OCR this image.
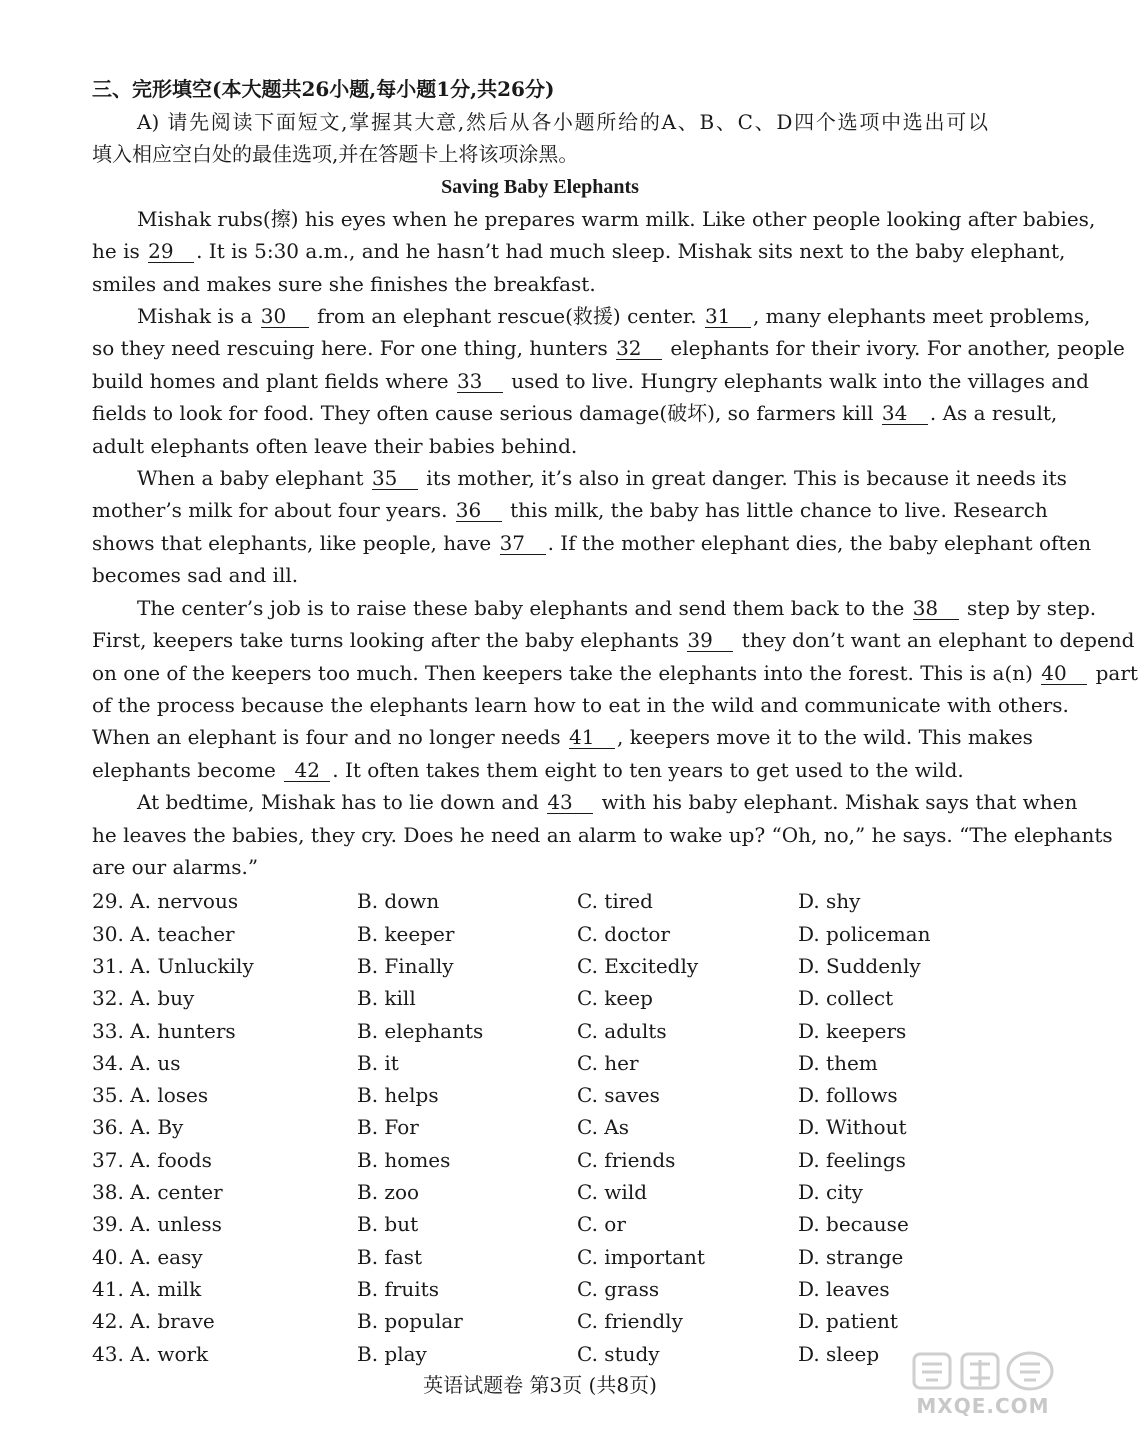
三、完形填空(本大题共26小题,每小题1分,共26分)
A) 请先阅读下面短文,掌握其大意,然后从各小题所给的A、B、C、D四个选项中选出可以
填入相应空白处的最佳选项,并在答题卡上将该项涂黑。
Saving Baby Elephants
Mishak rubs(擦) his eyes when he prepares warm milk. Like other people looking after babies,
he is 29 . It is 5:30 a.m., and he hasn’t had much sleep. Mishak sits next to the baby elephant,
smiles and makes sure she finishes the breakfast.
Mishak is a 30 from an elephant rescue(救援) center. 31 , many elephants meet problems,
so they need rescuing here. For one thing, hunters 32 elephants for their ivory. For another, people
build homes and plant fields where 33 used to live. Hungry elephants walk into the villages and
fields to look for food. They often cause serious damage(破坏), so farmers kill 34 . As a result,
adult elephants often leave their babies behind.
When a baby elephant 35 its mother, it’s also in great danger. This is because it needs its
mother’s milk for about four years. 36 this milk, the baby has little chance to live. Research
shows that elephants, like people, have 37 . If the mother elephant dies, the baby elephant often
becomes sad and ill.
The center’s job is to raise these baby elephants and send them back to the 38 step by step.
First, keepers take turns looking after the baby elephants 39 they don’t want an elephant to depend
on one of the keepers too much. Then keepers take the elephants into the forest. This is a(n) 40 part
of the process because the elephants learn how to eat in the wild and communicate with others.
When an elephant is four and no longer needs 41 , keepers move it to the wild. This makes
elephants become 42 . It often takes them eight to ten years to get used to the wild.
At bedtime, Mishak has to lie down and 43 with his baby elephant. Mishak says that when
he leaves the babies, they cry. Does he need an alarm to wake up? “Oh, no,” he says. “The elephants
are our alarms.”
29. A. nervous	B. down	C. tired	D. shy
30. A. teacher	B. keeper	C. doctor	D. policeman
31. A. Unluckily	B. Finally	C. Excitedly	D. Suddenly
32. A. buy	B. kill	C. keep	D. collect
33. A. hunters	B. elephants	C. adults	D. keepers
34. A. us	B. it	C. her	D. them
35. A. loses	B. helps	C. saves	D. follows
36. A. By	B. For	C. As	D. Without
37. A. foods	B. homes	C. friends	D. feelings
38. A. center	B. zoo	C. wild	D. city
39. A. unless	B. but	C. or	D. because
40. A. easy	B. fast	C. important	D. strange
41. A. milk	B. fruits	C. grass	D. leaves
42. A. brave	B. popular	C. friendly	D. patient
43. A. work	B. play	C. study	D. sleep
英语试题卷 第3页 (共8页)
MXQE.COM
